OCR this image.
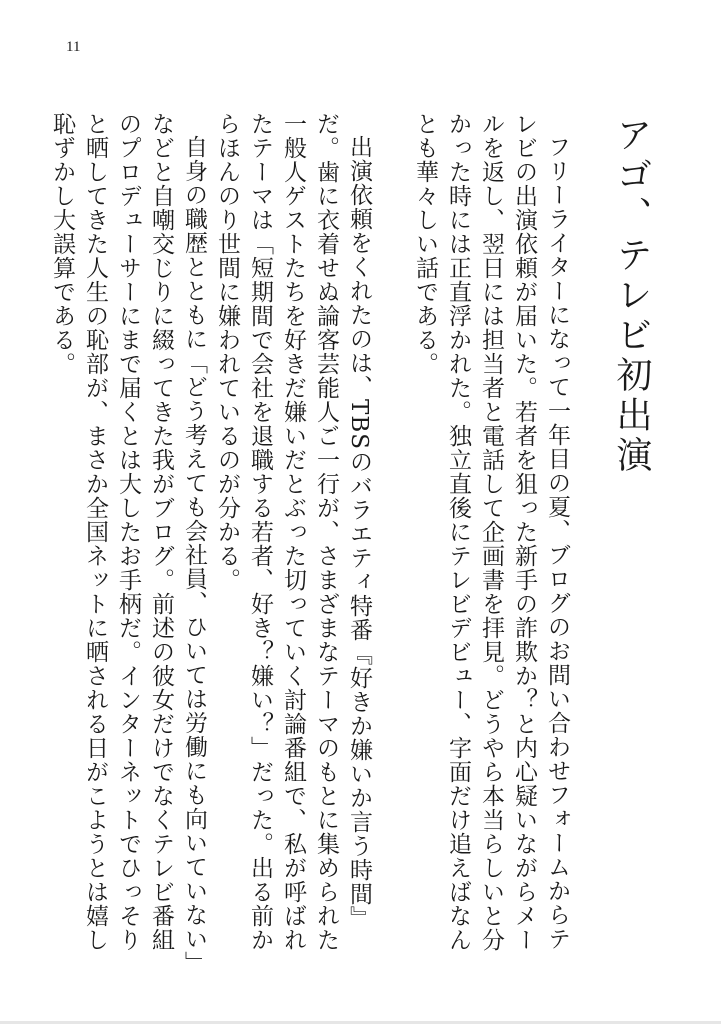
11
アゴ、テレビ初出演

フリーライターになって一年目の夏、ブログのお問い合わせフォームからテレビの出演依頼が届いた。若者を狙った新手の詐欺か？と内心疑いながらメールを返し、翌日には担当者と電話して企画書を拝見。どうやら本当らしいと分かった時には正直浮かれた。独立直後にテレビデビュー、字面だけ追えばなんとも華々しい話である。

出演依頼をくれたのは、TBSのバラエティ特番『好きか嫌いか言う時間』だ。歯に衣着せぬ論客芸能人ご一行が、さまざまなテーマのもとに集められた一般人ゲストたちを好きだ嫌いだとぶった切っていく討論番組で、私が呼ばれたテーマは「短期間で会社を退職する若者、好き？嫌い？」だった。出る前からほんのり世間に嫌われているのが分かる。

自身の職歴とともに「どう考えても会社員、ひいては労働にも向いていない」などと自嘲交じりに綴ってきた我がブログ。前述の彼女だけでなくテレビ番組のプロデューサーにまで届くとは大したお手柄だ。インターネットでひっそりと晒してきた人生の恥部が、まさか全国ネットに晒される日がこようとは嬉し恥ずかし大誤算である。
